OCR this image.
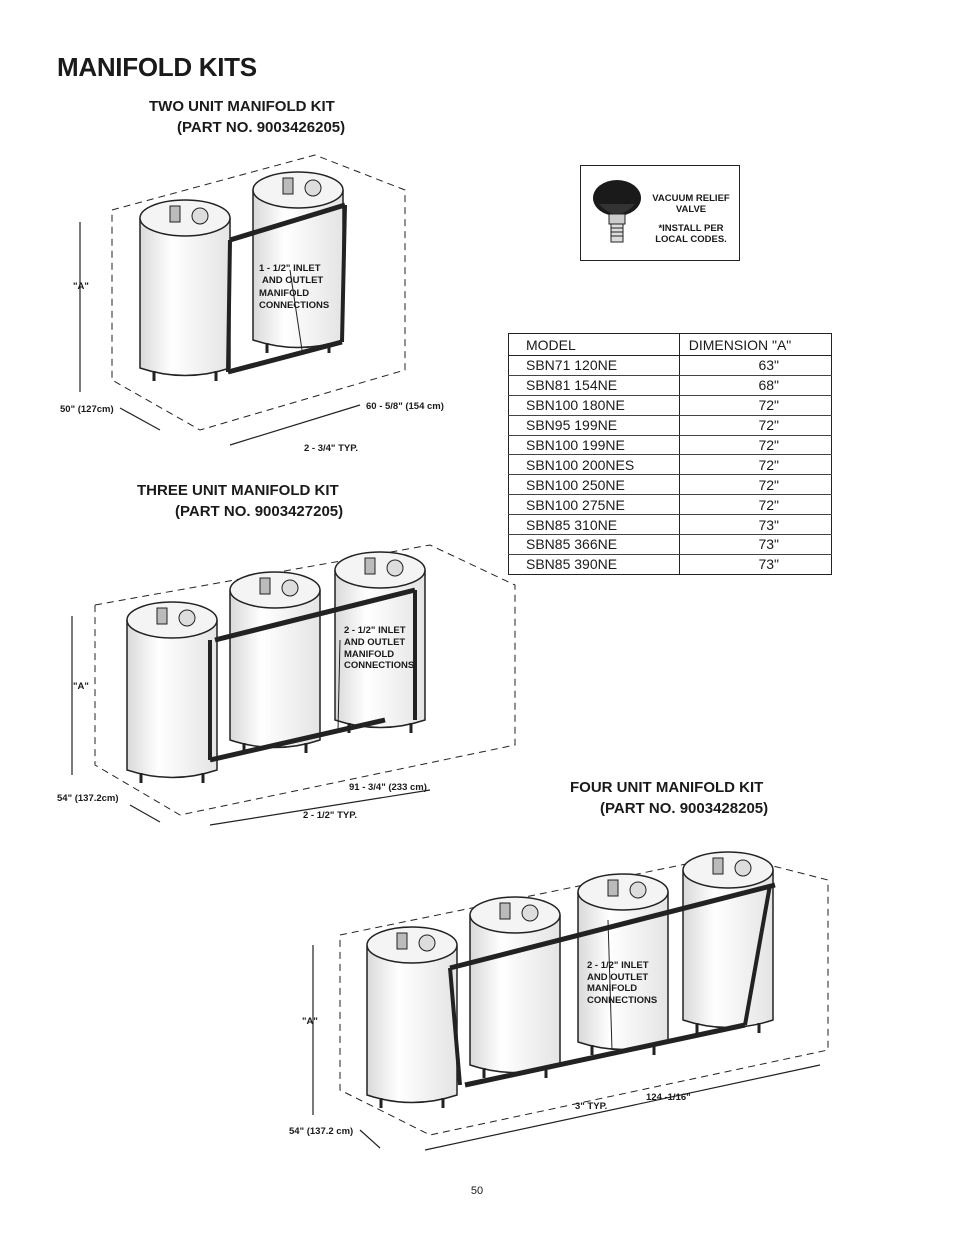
MANIFOLD KITS
TWO UNIT MANIFOLD KIT
(PART NO. 9003426205)
THREE UNIT MANIFOLD KIT
(PART NO. 9003427205)
FOUR UNIT MANIFOLD KIT
(PART NO. 9003428205)
"A"
50" (127cm)	60 - 5/8" (154 cm)
2 - 3/4" TYP.
1 - 1/2" INLET
AND OUTLET
MANIFOLD
CONNECTIONS
"A"
54" (137.2cm)
91 - 3/4" (233 cm)
2 - 1/2" TYP.
2 - 1/2" INLET
AND OUTLET
MANIFOLD
CONNECTIONS
"A"
54" (137.2 cm)
124 -1/16"
3" TYP.
2 - 1/2" INLET
AND OUTLET
MANIFOLD
CONNECTIONS
VACUUM RELIEF
VALVE
*INSTALL PER
LOCAL CODES.
MODEL	DIMENSION "A"
SBN71 120NE	63"
SBN81 154NE	68"
SBN100 180NE	72"
SBN95 199NE	72"
SBN100 199NE	72"
SBN100 200NES	72"
SBN100 250NE	72"
SBN100 275NE	72"
SBN85 310NE	73"
SBN85 366NE	73"
SBN85 390NE	73"
50
